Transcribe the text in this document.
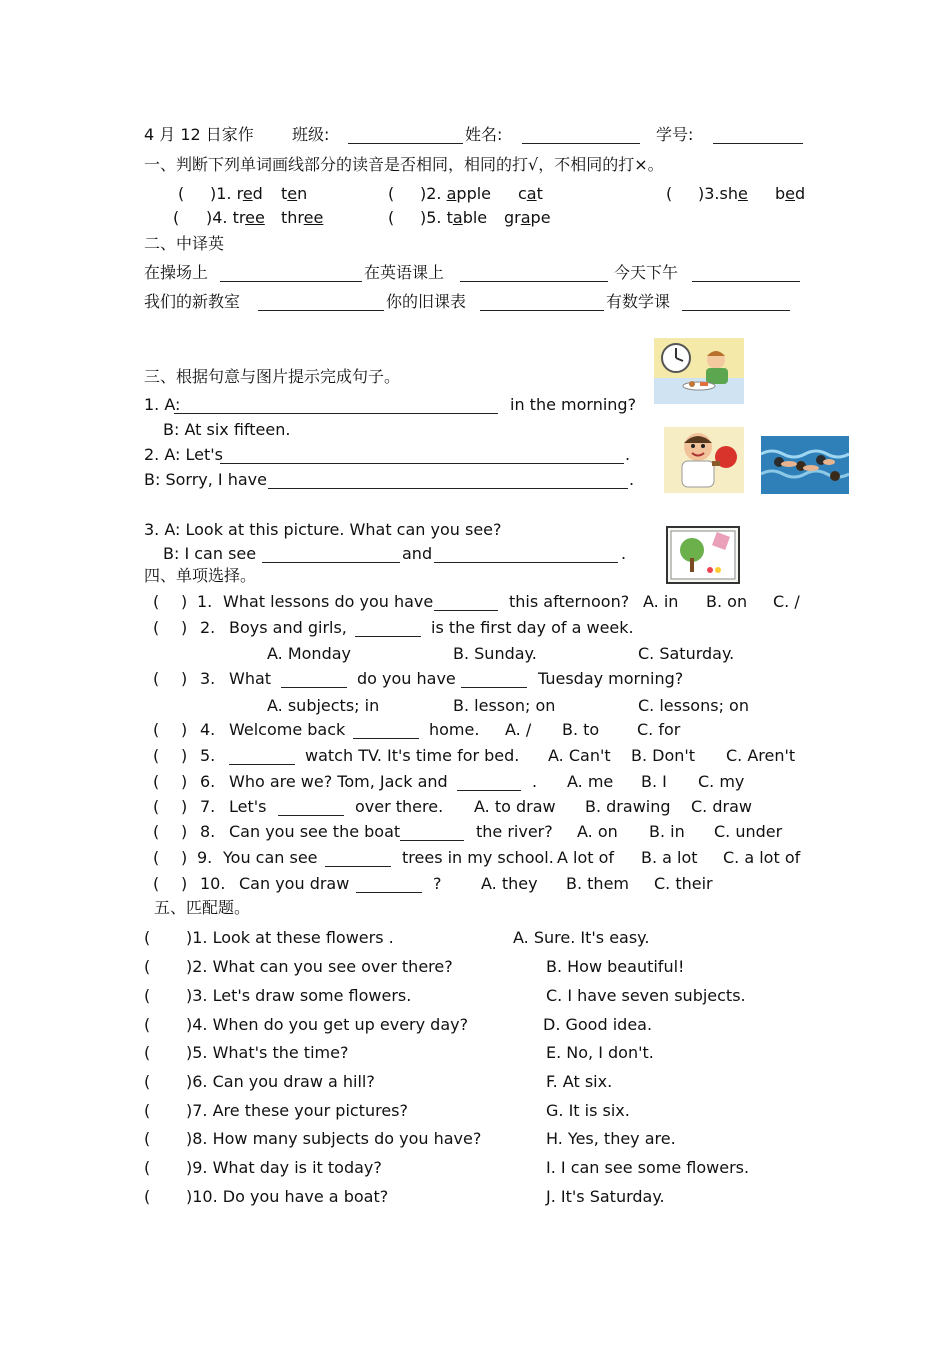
4 月 12 日家作 班级:	姓名:	学号:
一、判断下列单词画线部分的读音是否相同，相同的打√，不相同的打×。
( )1. red ten	( )2. apple cat	( )3.she bed
( )4. tree three	( )5. table grape
二、中译英
在操场上	在英语课上	今天下午
我们的新教室	你的旧课表	有数学课
三、根据句意与图片提示完成句子。
1. A:	in the morning?
B: At six fifteen.
2. A: Let's	.
B: Sorry, I have	.
3. A: Look at this picture. What can you see?
B: I can see	and	.
四、单项选择。
( ) 1. What lessons do you have	this afternoon? A. in B. on C. /
( ) 2. Boys and girls,	is the first day of a week.
A. Monday	B. Sunday.	C. Saturday.
( ) 3. What	do you have	Tuesday morning?
A. subjects; in	B. lesson; on	C. lessons; on
( ) 4. Welcome back	home. A. / B. to C. for
( ) 5.	watch TV. It's time for bed. A. Can't B. Don't C. Aren't
( ) 6. Who are we? Tom, Jack and	. A. me B. I C. my
( ) 7. Let's	over there. A. to draw B. drawing C. draw
( ) 8. Can you see the boat	the river? A. on B. in C. under
( ) 9. You can see	trees in my school. A lot of B. a lot C. a lot of
( ) 10. Can you draw	? A. they B. them C. their
五、匹配题。
( )1. Look at these flowers .	A. Sure. It's easy.
( )2. What can you see over there?	B. How beautiful!
( )3. Let's draw some flowers.	C. I have seven subjects.
( )4. When do you get up every day?	D. Good idea.
( )5. What's the time?	E. No, I don't.
( )6. Can you draw a hill?	F. At six.
( )7. Are these your pictures?	G. It is six.
( )8. How many subjects do you have?	H. Yes, they are.
( )9. What day is it today?	I. I can see some flowers.
( )10. Do you have a boat?	J. It's Saturday.
